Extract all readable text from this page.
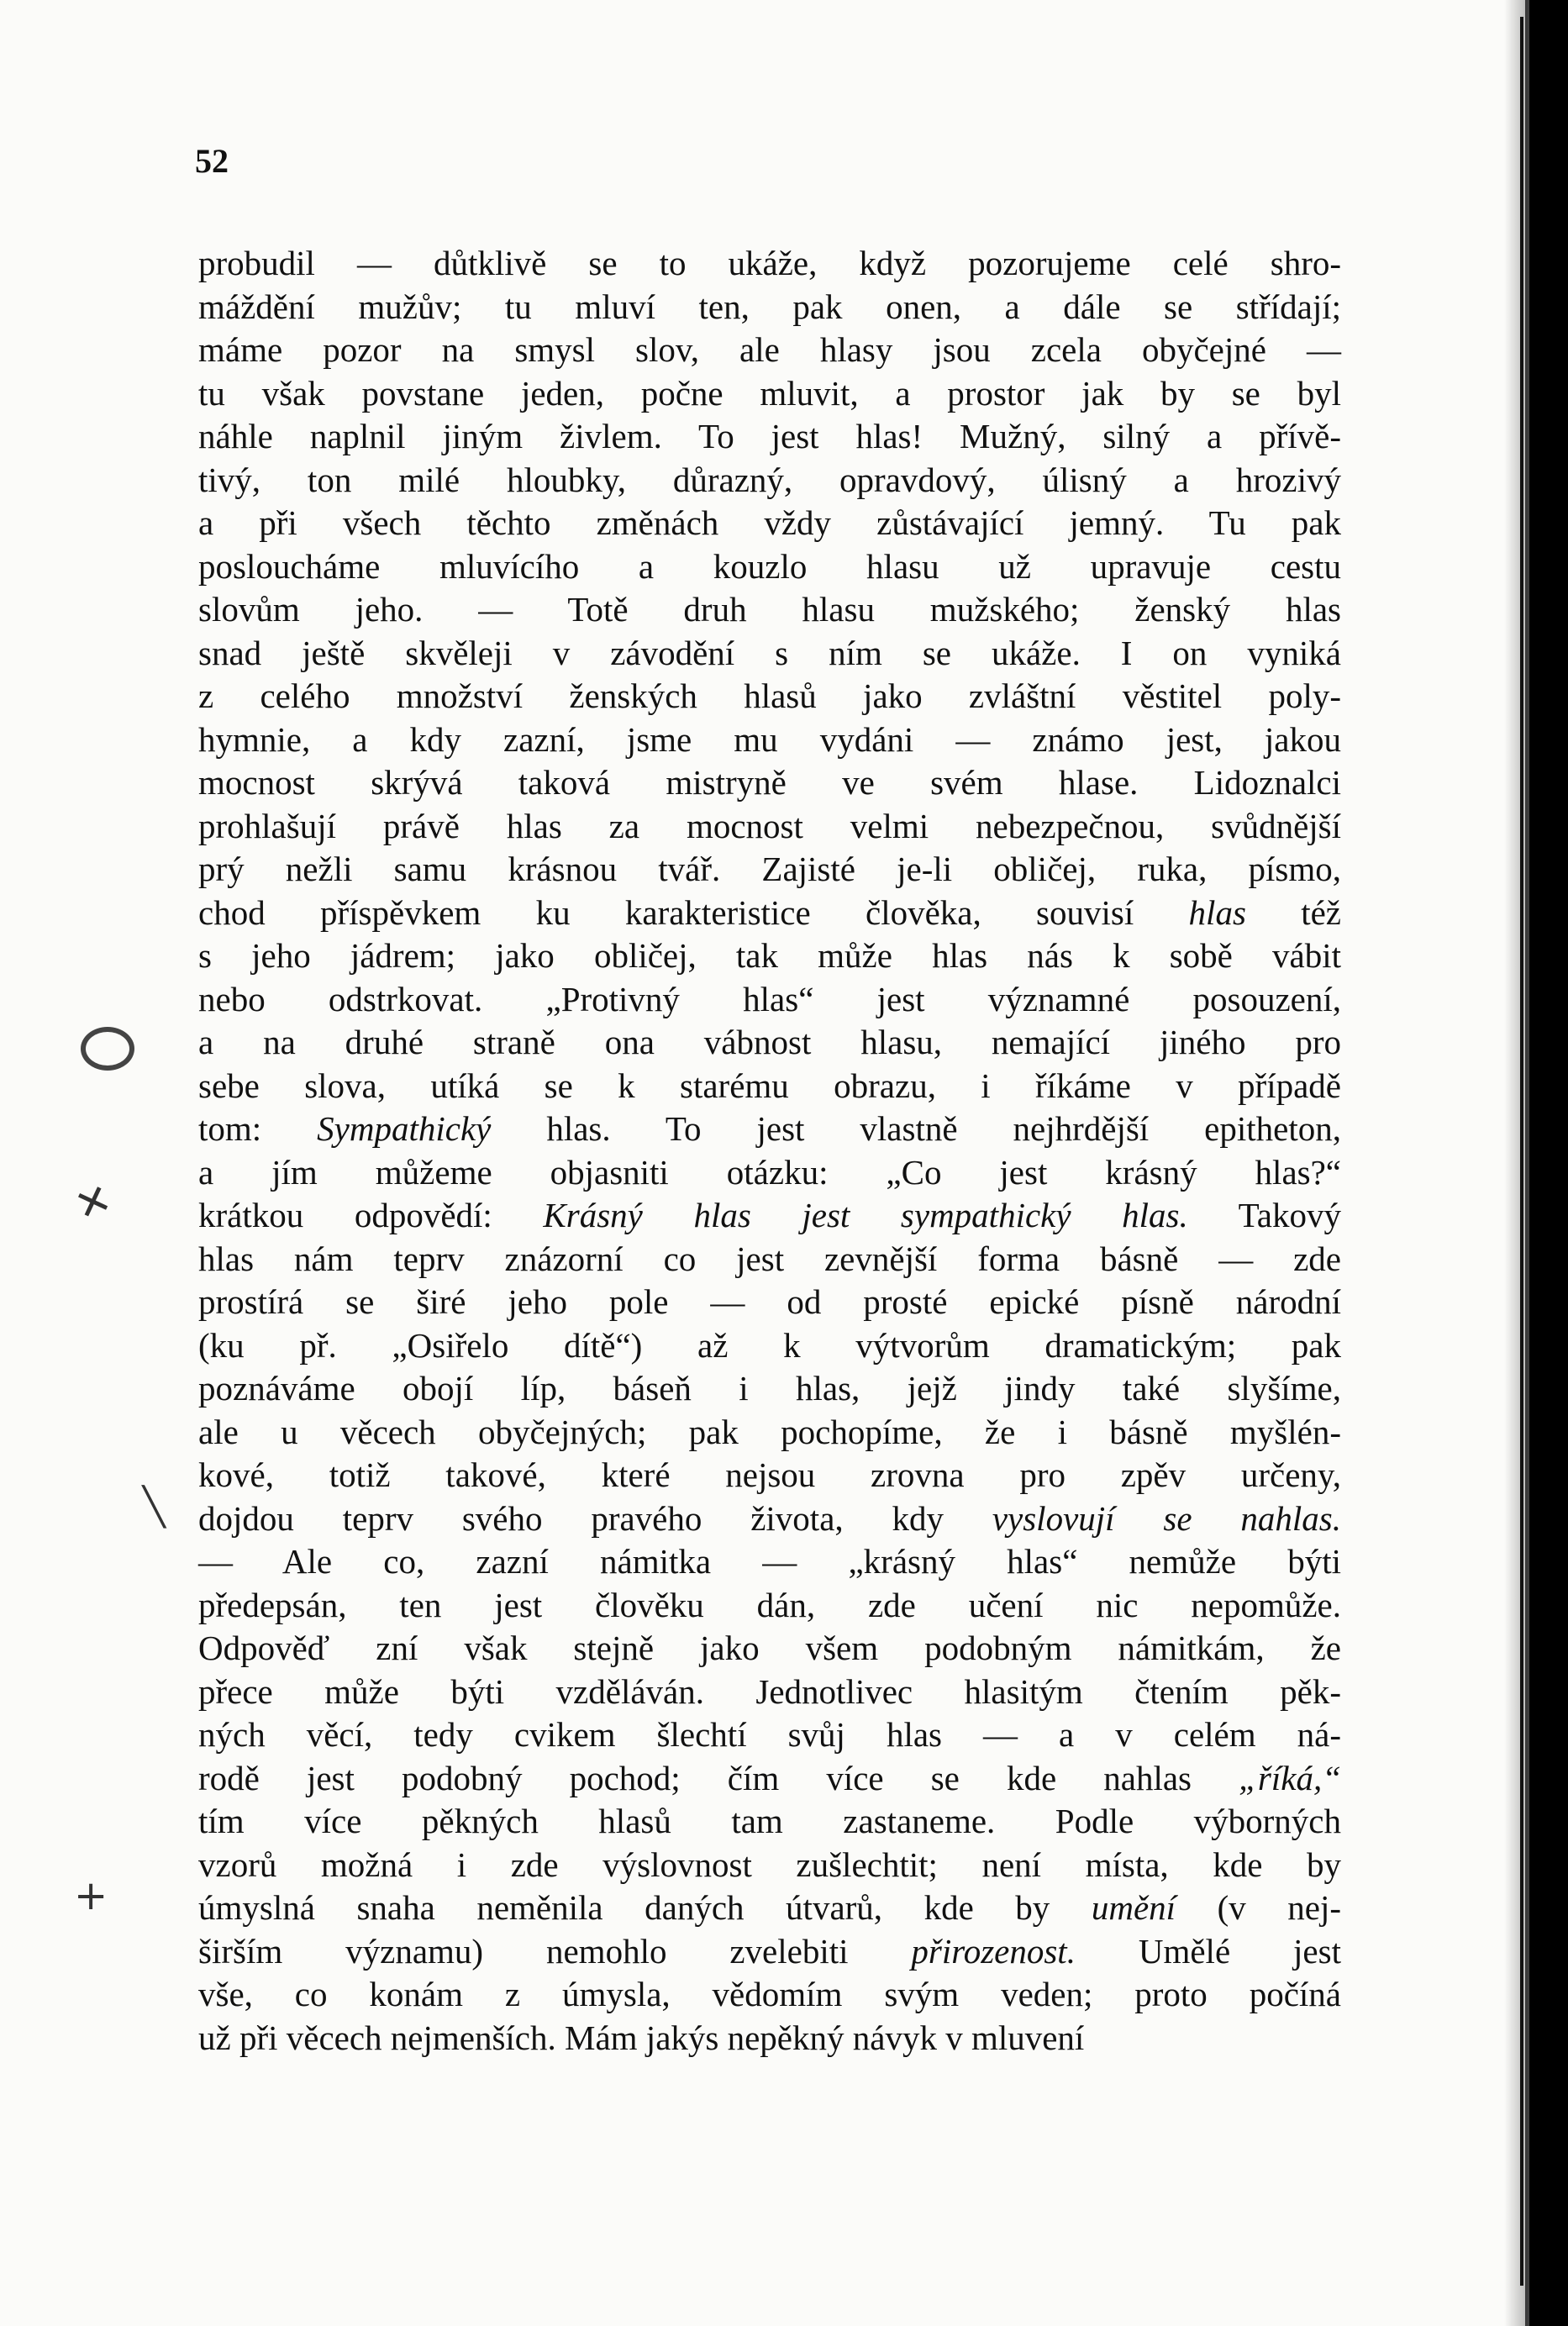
52
probudil — důtklivě se to ukáže, když pozorujeme celé shro-
máždění mužův; tu mluví ten, pak onen, a dále se střídají;
máme pozor na smysl slov, ale hlasy jsou zcela obyčejné —
tu však povstane jeden, počne mluvit, a prostor jak by se byl
náhle naplnil jiným živlem. To jest hlas! Mužný, silný a přívě-
tivý, ton milé hloubky, důrazný, opravdový, úlisný a hrozivý
a při všech těchto změnách vždy zůstávající jemný. Tu pak
posloucháme mluvícího a kouzlo hlasu už upravuje cestu
slovům jeho. — Totě druh hlasu mužského; ženský hlas
snad ještě skvěleji v závodění s ním se ukáže. I on vyniká
z celého množství ženských hlasů jako zvláštní věstitel poly-
hymnie, a kdy zazní, jsme mu vydáni — známo jest, jakou
mocnost skrývá taková mistryně ve svém hlase. Lidoznalci
prohlašují právě hlas za mocnost velmi nebezpečnou, svůdnější
prý nežli samu krásnou tvář. Zajisté je-li obličej, ruka, písmo,
chod příspěvkem ku karakteristice člověka, souvisí hlas též
s jeho jádrem; jako obličej, tak může hlas nás k sobě vábit
nebo odstrkovat. „Protivný hlas“ jest významné posouzení,
a na druhé straně ona vábnost hlasu, nemající jiného pro
sebe slova, utíká se k starému obrazu, i říkáme v případě
tom: Sympathický hlas. To jest vlastně nejhrdější epitheton,
a jím můžeme objasniti otázku: „Co jest krásný hlas?“
krátkou odpovědí: Krásný hlas jest sympathický hlas. Takový
hlas nám teprv znázorní co jest zevnější forma básně — zde
prostírá se širé jeho pole — od prosté epické písně národní
(ku př. „Osiřelo dítě“) až k výtvorům dramatickým; pak
poznáváme obojí líp, báseň i hlas, jejž jindy také slyšíme,
ale u věcech obyčejných; pak pochopíme, že i básně myšlén-
kové, totiž takové, které nejsou zrovna pro zpěv určeny,
dojdou teprv svého pravého života, kdy vyslovují se nahlas.
— Ale co, zazní námitka — „krásný hlas“ nemůže býti
předepsán, ten jest člověku dán, zde učení nic nepomůže.
Odpověď zní však stejně jako všem podobným námitkám, že
přece může býti vzděláván. Jednotlivec hlasitým čtením pěk-
ných věcí, tedy cvikem šlechtí svůj hlas — a v celém ná-
rodě jest podobný pochod; čím více se kde nahlas „říká,“
tím více pěkných hlasů tam zastaneme. Podle výborných
vzorů možná i zde výslovnost zušlechtit; není místa, kde by
úmyslná snaha neměnila daných útvarů, kde by umění (v nej-
širším významu) nemohlo zvelebiti přirozenost. Umělé jest
vše, co konám z úmysla, vědomím svým veden; proto počíná
už při věcech nejmenších. Mám jakýs nepěkný návyk v mluvení
✕
╲
+
